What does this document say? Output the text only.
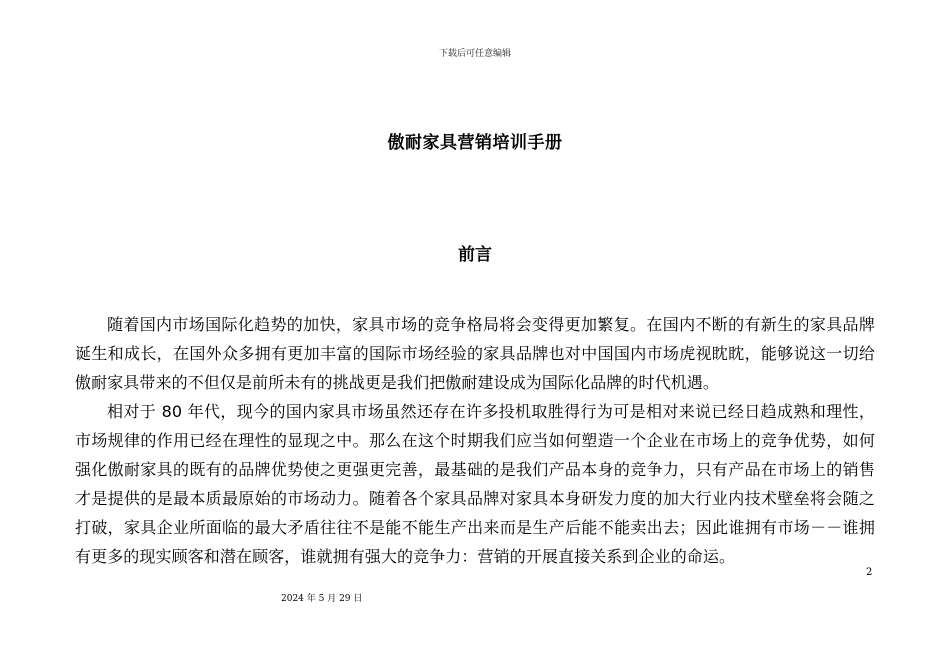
下载后可任意编辑
傲耐家具营销培训手册
前言

随着国内市场国际化趋势的加快，家具市场的竞争格局将会变得更加繁复。在国内不断的有新生的家具品牌诞生和成长，在国外众多拥有更加丰富的国际市场经验的家具品牌也对中国国内市场虎视眈眈，能够说这一切给傲耐家具带来的不但仅是前所未有的挑战更是我们把傲耐建设成为国际化品牌的时代机遇。

相对于 80 年代，现今的国内家具市场虽然还存在许多投机取胜得行为可是相对来说已经日趋成熟和理性，市场规律的作用已经在理性的显现之中。那么在这个时期我们应当如何塑造一个企业在市场上的竞争优势，如何强化傲耐家具的既有的品牌优势使之更强更完善，最基础的是我们产品本身的竞争力，只有产品在市场上的销售才是提供的是最本质最原始的市场动力。随着各个家具品牌对家具本身研发力度的加大行业内技术壁垒将会随之打破，家具企业所面临的最大矛盾往往不是能不能生产出来而是生产后能不能卖出去；因此谁拥有市场－－谁拥有更多的现实顾客和潜在顾客，谁就拥有强大的竞争力：营销的开展直接关系到企业的命运。

2
2024 年 5 月 29 日
